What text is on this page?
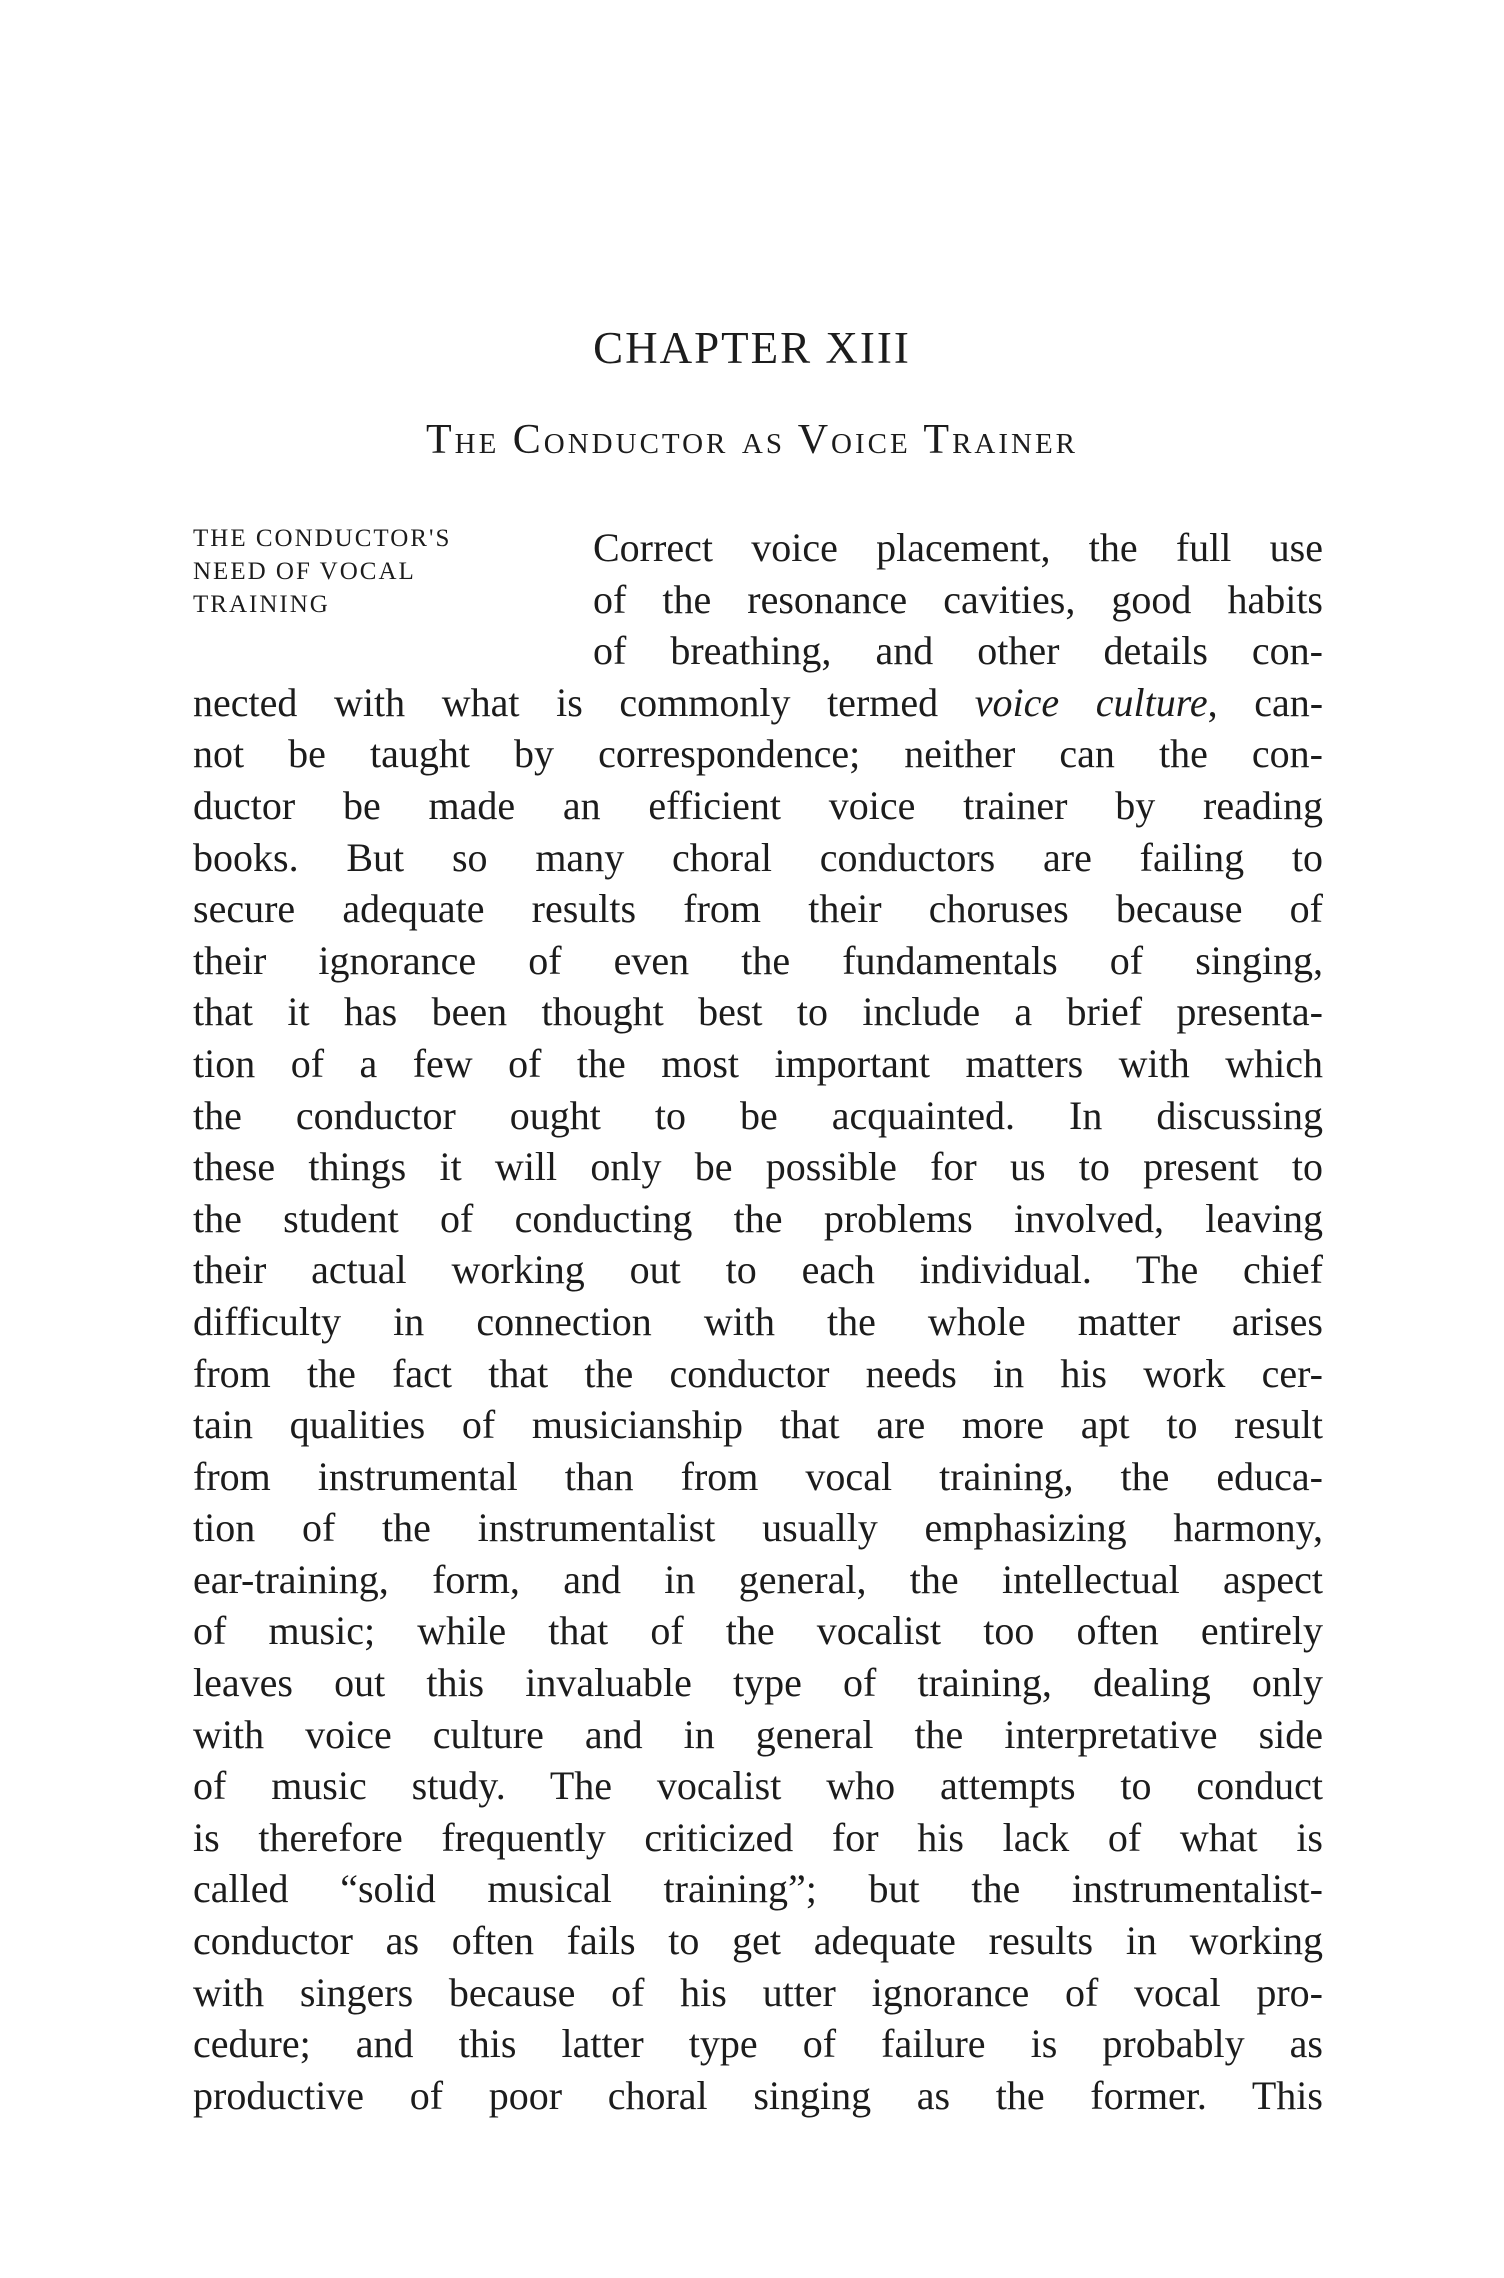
CHAPTER XIII
The Conductor as Voice Trainer
THE CONDUCTOR'S
NEED OF VOCAL
TRAINING
Correct voice placement, the full use
of the resonance cavities, good habits
of breathing, and other details con-
nected with what is commonly termed voice culture, can-
not be taught by correspondence; neither can the con-
ductor be made an efficient voice trainer by reading
books. But so many choral conductors are failing to
secure adequate results from their choruses because of
their ignorance of even the fundamentals of singing,
that it has been thought best to include a brief presenta-
tion of a few of the most important matters with which
the conductor ought to be acquainted. In discussing
these things it will only be possible for us to present to
the student of conducting the problems involved, leaving
their actual working out to each individual. The chief
difficulty in connection with the whole matter arises
from the fact that the conductor needs in his work cer-
tain qualities of musicianship that are more apt to result
from instrumental than from vocal training, the educa-
tion of the instrumentalist usually emphasizing harmony,
ear-training, form, and in general, the intellectual aspect
of music; while that of the vocalist too often entirely
leaves out this invaluable type of training, dealing only
with voice culture and in general the interpretative side
of music study. The vocalist who attempts to conduct
is therefore frequently criticized for his lack of what is
called “solid musical training”; but the instrumentalist-
conductor as often fails to get adequate results in working
with singers because of his utter ignorance of vocal pro-
cedure; and this latter type of failure is probably as
productive of poor choral singing as the former. This
